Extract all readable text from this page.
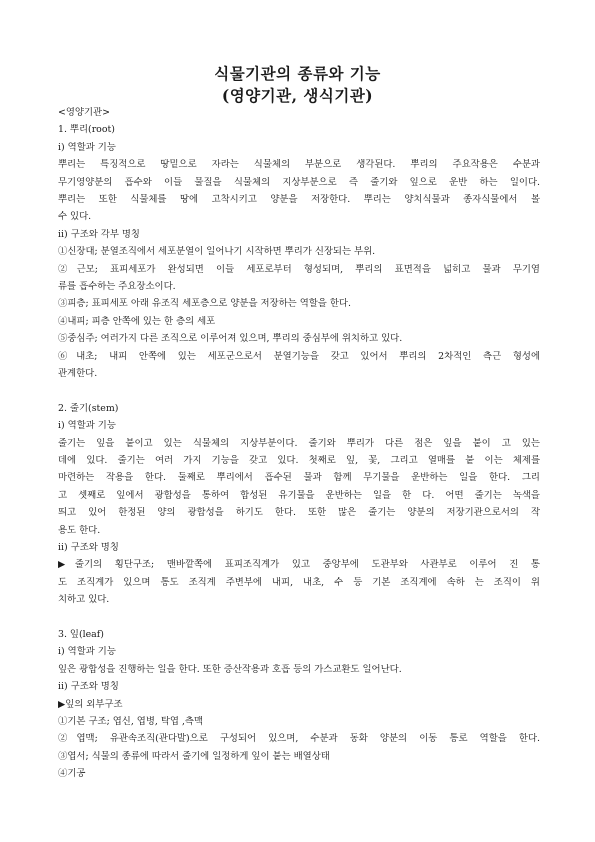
식물기관의 종류와 기능
(영양기관, 생식기관)
<영양기관>
1. 뿌리(root)
ⅰ) 역할과 기능
뿌리는 특징적으로 땅밑으로 자라는 식물체의 부분으로 생각된다. 뿌리의 주요작용은 수분과
무기영양분의 흡수와 이들 물질을 식물체의 지상부분으로 즉 줄기와 잎으로 운반 하는 일이다.
뿌리는 또한 식물체를 땅에 고착시키고 양분을 저장한다. 뿌리는 양치식물과 종자식물에서 볼
수 있다.
ⅱ) 구조와 각부 명칭
①신장대; 분열조직에서 세포분열이 일어나기 시작하면 뿌리가 신장되는 부위.
②근모; 표피세포가 완성되면 이들 세포로부터 형성되며, 뿌리의 표면적을 넓히고 물과 무기염
류를 흡수하는 주요장소이다.
③피층; 표피세포 아래 유조직 세포층으로 양분을 저장하는 역할을 한다.
④내피; 피층 안쪽에 있는 한 층의 세포
⑤중심주; 여러가지 다른 조직으로 이루어져 있으며, 뿌리의 중심부에 위치하고 있다.
⑥내초; 내피 안쪽에 있는 세포군으로서 분열기능을 갖고 있어서 뿌리의 2차적인 측근 형성에
관계한다.
2. 줄기(stem)
ⅰ) 역할과 기능
줄기는 잎을 붙이고 있는 식물체의 지상부분이다. 줄기와 뿌리가 다른 점은 잎을 붙이 고 있는
데에 있다. 줄기는 여러 가지 기능을 갖고 있다. 첫째로 잎, 꽃, 그리고 열매를 붙 이는 체제를
마련하는 작용을 한다. 둘째로 뿌리에서 흡수된 물과 함께 무기물을 운반하는 일을 한다. 그리
고 셋째로 잎에서 광합성을 통하여 합성된 유기물을 운반하는 일을 한 다. 어떤 줄기는 녹색을
띄고 있어 한정된 양의 광합성을 하기도 한다. 또한 많은 줄기는 양분의 저장기관으로서의 작
용도 한다.
ⅱ) 구조와 명칭
▶줄기의 횡단구조; 맨바깥쪽에 표피조직계가 있고 중앙부에 도관부와 사관부로 이루어 진 통
도 조직계가 있으며 통도 조직계 주변부에 내피, 내초, 수 등 기본 조직계에 속하 는 조직이 위
치하고 있다.
3. 잎(leaf)
ⅰ) 역할과 기능
잎은 광합성을 진행하는 일을 한다. 또한 증산작용과 호흡 등의 가스교환도 일어난다.
ⅱ) 구조와 명칭
▶잎의 외부구조
①기본 구조; 엽신, 엽병, 탁엽 ,측맥
②엽맥; 유관속조직(관다발)으로 구성되어 있으며, 수분과 동화 양분의 이동 통로 역할을 한다.
③엽서; 식물의 종류에 따라서 줄기에 일정하게 잎이 붙는 배열상태
④기공
